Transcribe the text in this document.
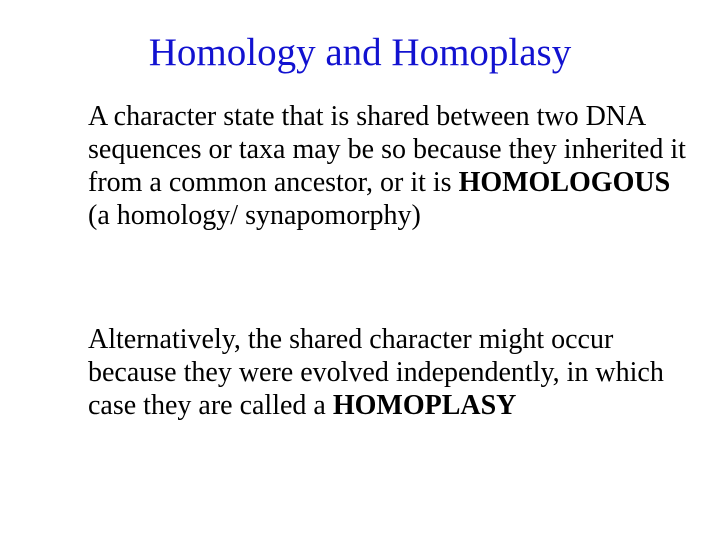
Homology and Homoplasy

A character state that is shared between two DNA sequences or taxa may be so because they inherited it from a common ancestor, or it is HOMOLOGOUS (a homology/ synapomorphy)

Alternatively, the shared character might occur because they were evolved independently, in which case they are called a HOMOPLASY
